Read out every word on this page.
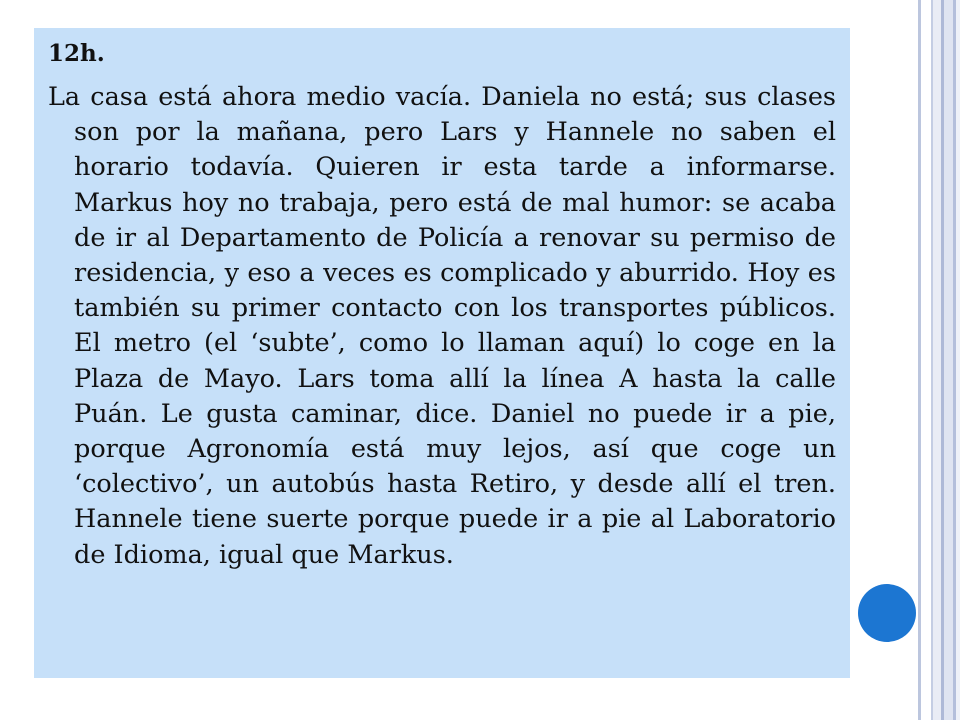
12h.

La casa está ahora medio vacía. Daniela no está; sus clases son por la mañana, pero Lars y Hannele no saben el horario todavía. Quieren ir esta tarde a informarse. Markus hoy no trabaja, pero está de mal humor: se acaba de ir al Departamento de Policía a renovar su permiso de residencia, y eso a veces es complicado y aburrido. Hoy es también su primer contacto con los transportes públicos. El metro (el ‘subte’, como lo llaman aquí) lo coge en la Plaza de Mayo. Lars toma allí la línea A hasta la calle Puán. Le gusta caminar, dice. Daniel no puede ir a pie, porque Agronomía está muy lejos, así que coge un ‘colectivo’, un autobús hasta Retiro, y desde allí el tren. Hannele tiene suerte porque puede ir a pie al Laboratorio de Idioma, igual que Markus.
